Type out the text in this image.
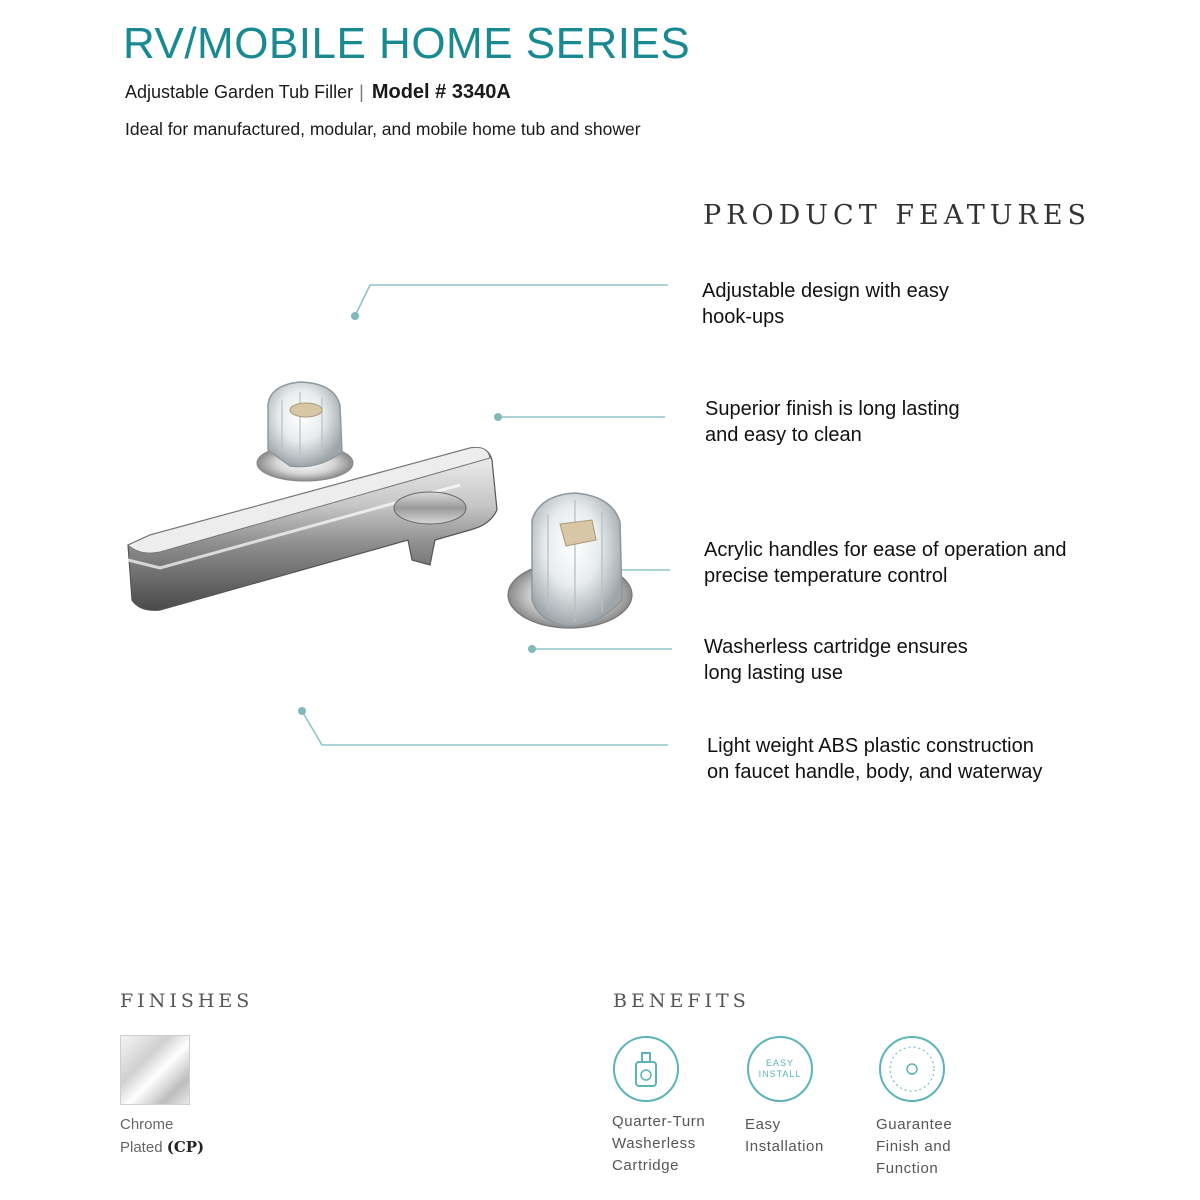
RV/MOBILE HOME SERIES
Adjustable Garden Tub Filler | Model # 3340A
Ideal for manufactured, modular, and mobile home tub and shower
PRODUCT FEATURES
Adjustable design with easy
hook-ups
Superior finish is long lasting
and easy to clean
Acrylic handles for ease of operation and
precise temperature control
Washerless cartridge ensures
long lasting use
Light weight ABS plastic construction
on faucet handle, body, and waterway
FINISHES
Chrome
Plated (CP)
BENEFITS
Quarter-Turn
Washerless
Cartridge
EASY
INSTALL
Easy
Installation
Guarantee
Finish and
Function
